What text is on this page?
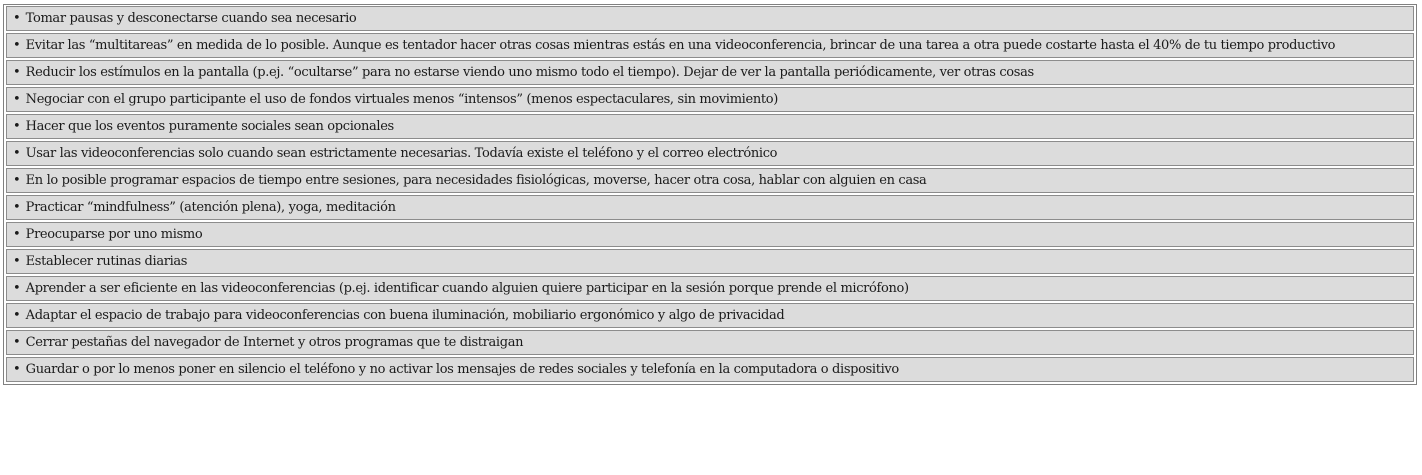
• Tomar pausas y desconectarse cuando sea necesario
• Evitar las “multitareas” en medida de lo posible. Aunque es tentador hacer otras cosas mientras estás en una videoconferencia, brincar de una tarea a otra puede costarte hasta el 40% de tu tiempo productivo
• Reducir los estímulos en la pantalla (p.ej. “ocultarse” para no estarse viendo uno mismo todo el tiempo). Dejar de ver la pantalla periódicamente, ver otras cosas
• Negociar con el grupo participante el uso de fondos virtuales menos “intensos” (menos espectaculares, sin movimiento)
• Hacer que los eventos puramente sociales sean opcionales
• Usar las videoconferencias solo cuando sean estrictamente necesarias. Todavía existe el teléfono y el correo electrónico
• En lo posible programar espacios de tiempo entre sesiones, para necesidades fisiológicas, moverse, hacer otra cosa, hablar con alguien en casa
• Practicar “mindfulness” (atención plena), yoga, meditación
• Preocuparse por uno mismo
• Establecer rutinas diarias
• Aprender a ser eficiente en las videoconferencias (p.ej. identificar cuando alguien quiere participar en la sesión porque prende el micrófono)
• Adaptar el espacio de trabajo para videoconferencias con buena iluminación, mobiliario ergonómico y algo de privacidad
• Cerrar pestañas del navegador de Internet y otros programas que te distraigan
• Guardar o por lo menos poner en silencio el teléfono y no activar los mensajes de redes sociales y telefonía en la computadora o dispositivo
